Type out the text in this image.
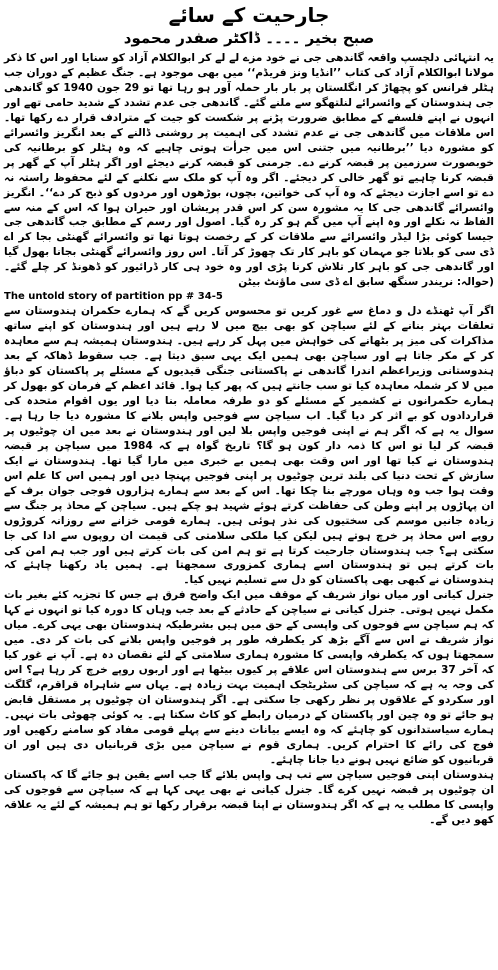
جارحیت کے سائے
صبح بخیر ۔۔۔۔ ڈاکٹر صفدر محمود

یہ انتہائی دلچسپ واقعہ گاندھی جی نے خود مزے لے لے کر ابوالکلام آزاد کو سنایا اور اس کا ذکر مولانا ابوالکلام آزاد کی کتاب ’’انڈیا ونز فریڈم‘‘ میں بھی موجود ہے۔ جنگ عظیم کے دوران جب ہٹلر فرانس کو پچھاڑ کر انگلستان پر بار بار حملہ آور ہو رہا تھا تو 29 جون 1940 کو گاندھی جی ہندوستان کے وائسرائے لنلتھگو سے ملنے گئے۔ گاندھی جی عدم تشدد کے شدید حامی تھے اور انہوں نے اپنے فلسفے کے مطابق ضرورت پڑنے پر شکست کو جیت کے مترادف قرار دے رکھا تھا۔ اس ملاقات میں گاندھی جی نے عدم تشدد کی اہمیت پر روشنی ڈالنے کے بعد انگریز وائسرائے کو مشورہ دیا ’’برطانیہ میں جتنی اس میں جرأت ہوتی چاہیے کہ وہ ہٹلر کو برطانیہ کی خوبصورت سرزمین پر قبضہ کرنے دے۔ جرمنی کو قبضہ کرنے دیجئے اور اگر ہٹلر آپ کے گھر پر قبضہ کرنا چاہیے تو گھر خالی کر دیجئے۔ اگر وہ آپ کو ملک سے نکلنے کے لئے محفوظ راستہ نہ دے تو اسے اجازت دیجئے کہ وہ آپ کی خواتین، بچوں، بوڑھوں اور مردوں کو ذبح کر دے‘‘۔ انگریز وائسرائے گاندھی جی کا یہ مشورہ سن کر اس قدر پریشان اور حیران ہوا کہ اس کے منہ سے الفاظ نہ نکلے اور وہ اپنے آپ میں گم ہو کر رہ گیا۔ اصول اور رسم کے مطابق جب گاندھی جی جیسا کوئی بڑا لیڈر وائسرائے سے ملاقات کر کے رخصت ہوتا تھا تو وائسرائے گھنٹی بجا کر اے ڈی سی کو بلاتا جو مہمان کو باہر کار تک چھوڑ کر آتا۔ اس روز وائسرائے گھنٹی بجانا بھول گیا اور گاندھی جی کو باہر کار تلاش کرنا پڑی اور وہ خود ہی کار ڈرائیور کو ڈھونڈ کر چلے گئے۔ (حوالہ: نریندر سنگھ سابق اے ڈی سی ماؤنٹ بیٹن

The untold story of partition pp # 34-5

اگر آپ ٹھنڈے دل و دماغ سے غور کریں تو محسوس کریں گے کہ ہمارے حکمران ہندوستان سے تعلقات بہتر بنانے کے لئے سیاچن کو بھی بیچ میں لا رہے ہیں اور ہندوستان کو اپنے ساتھ مذاکرات کی میز پر بٹھانے کی خواہش میں پہل کر رہے ہیں۔ ہندوستان ہمیشہ ہم سے معاہدہ کر کے مکر جاتا ہے اور سیاچن بھی ہمیں ایک یہی سبق دیتا ہے۔ جب سقوط ڈھاکہ کے بعد ہندوستانی وزیراعظم اندرا گاندھی نے پاکستانی جنگی قیدیوں کے مسئلے پر پاکستان کو دباؤ میں لا کر شملہ معاہدہ کیا تو سب جانتے ہیں کہ پھر کیا ہوا۔ قائد اعظم کے فرمان کو بھول کر ہمارے حکمرانوں نے کشمیر کے مسئلے کو دو طرفہ معاملہ بنا دیا اور یوں اقوام متحدہ کی قراردادوں کو بے اثر کر دیا گیا۔ اب سیاچن سے فوجیں واپس بلانے کا مشورہ دیا جا رہا ہے۔ سوال یہ ہے کہ اگر ہم نے اپنی فوجیں واپس بلا لیں اور ہندوستان نے بعد میں ان چوٹیوں پر قبضہ کر لیا تو اس کا ذمہ دار کون ہو گا؟ تاریخ گواہ ہے کہ 1984 میں سیاچن پر قبضہ ہندوستان نے کیا تھا اور اس وقت بھی ہمیں بے خبری میں مارا گیا تھا۔ ہندوستان نے ایک سازش کے تحت دنیا کی بلند ترین چوٹیوں پر اپنی فوجیں پہنچا دیں اور ہمیں اس کا علم اس وقت ہوا جب وہ وہاں مورچے بنا چکا تھا۔ اس کے بعد سے ہمارے ہزاروں فوجی جوان برف کے ان پہاڑوں پر اپنے وطن کی حفاظت کرتے ہوئے شہید ہو چکے ہیں۔ سیاچن کے محاذ پر جنگ سے زیادہ جانیں موسم کی سختیوں کی نذر ہوئی ہیں۔ ہمارے قومی خزانے سے روزانہ کروڑوں روپے اس محاذ پر خرچ ہوتے ہیں لیکن کیا ملکی سلامتی کی قیمت ان روپوں سے ادا کی جا سکتی ہے؟ جب ہندوستان جارحیت کرتا ہے تو ہم امن کی بات کرتے ہیں اور جب ہم امن کی بات کرتے ہیں تو ہندوستان اسے ہماری کمزوری سمجھتا ہے۔ ہمیں یاد رکھنا چاہئے کہ ہندوستان نے کبھی بھی پاکستان کو دل سے تسلیم نہیں کیا۔

جنرل کیانی اور میاں نواز شریف کے موقف میں ایک واضح فرق ہے جس کا تجزیہ کئے بغیر بات مکمل نہیں ہوتی۔ جنرل کیانی نے سیاچن کے حادثے کے بعد جب وہاں کا دورہ کیا تو انہوں نے کہا کہ ہم سیاچن سے فوجوں کی واپسی کے حق میں ہیں بشرطیکہ ہندوستان بھی یہی کرے۔ میاں نواز شریف نے اس سے آگے بڑھ کر یکطرفہ طور پر فوجیں واپس بلانے کی بات کر دی۔ میں سمجھتا ہوں کہ یکطرفہ واپسی کا مشورہ ہماری سلامتی کے لئے نقصان دہ ہے۔ آپ نے غور کیا کہ آخر 37 برس سے ہندوستان اس علاقے پر کیوں بیٹھا ہے اور اربوں روپے خرچ کر رہا ہے؟ اس کی وجہ یہ ہے کہ سیاچن کی سٹریٹجک اہمیت بہت زیادہ ہے۔ یہاں سے شاہراہ قراقرم، گلگت اور سکردو کے علاقوں پر نظر رکھی جا سکتی ہے۔ اگر ہندوستان ان چوٹیوں پر مستقل قابض ہو جائے تو وہ چین اور پاکستان کے درمیان رابطے کو کاٹ سکتا ہے۔ یہ کوئی چھوٹی بات نہیں۔ ہمارے سیاستدانوں کو چاہئے کہ وہ ایسے بیانات دینے سے پہلے قومی مفاد کو سامنے رکھیں اور فوج کی رائے کا احترام کریں۔ ہماری قوم نے سیاچن میں بڑی قربانیاں دی ہیں اور ان قربانیوں کو ضائع نہیں ہونے دیا جانا چاہئے۔

ہندوستان اپنی فوجیں سیاچن سے تب ہی واپس بلائے گا جب اسے یقین ہو جائے گا کہ پاکستان ان چوٹیوں پر قبضہ نہیں کرے گا۔ جنرل کیانی نے بھی یہی کہا ہے کہ سیاچن سے فوجوں کی واپسی کا مطلب یہ ہے کہ اگر ہندوستان نے اپنا قبضہ برقرار رکھا تو ہم ہمیشہ کے لئے یہ علاقہ کھو دیں گے۔
